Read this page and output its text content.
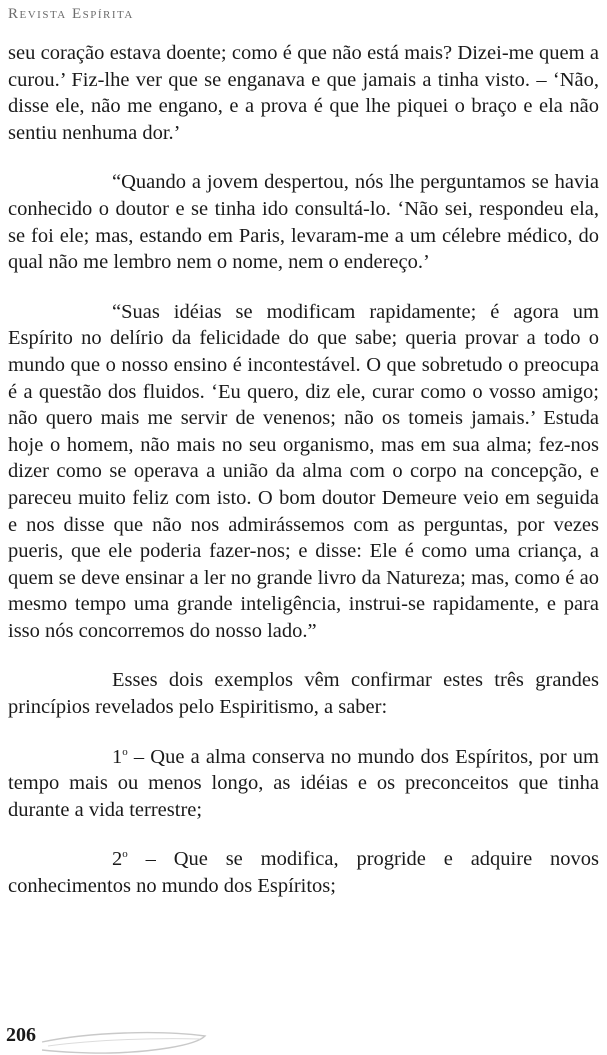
Revista Espírita

seu coração estava doente; como é que não está mais? Dizei-me quem a curou.’ Fiz-lhe ver que se enganava e que jamais a tinha visto. – ‘Não, disse ele, não me engano, e a prova é que lhe piquei o braço e ela não sentiu nenhuma dor.’

“Quando a jovem despertou, nós lhe perguntamos se havia conhecido o doutor e se tinha ido consultá-lo. ‘Não sei, respondeu ela, se foi ele; mas, estando em Paris, levaram-me a um célebre médico, do qual não me lembro nem o nome, nem o endereço.’

“Suas idéias se modificam rapidamente; é agora um Espírito no delírio da felicidade do que sabe; queria provar a todo o mundo que o nosso ensino é incontestável. O que sobretudo o preocupa é a questão dos fluidos. ‘Eu quero, diz ele, curar como o vosso amigo; não quero mais me servir de venenos; não os tomeis jamais.’ Estuda hoje o homem, não mais no seu organismo, mas em sua alma; fez-nos dizer como se operava a união da alma com o corpo na concepção, e pareceu muito feliz com isto. O bom doutor Demeure veio em seguida e nos disse que não nos admirássemos com as perguntas, por vezes pueris, que ele poderia fazer-nos; e disse: Ele é como uma criança, a quem se deve ensinar a ler no grande livro da Natureza; mas, como é ao mesmo tempo uma grande inteligência, instrui-se rapidamente, e para isso nós concorremos do nosso lado.”

Esses dois exemplos vêm confirmar estes três grandes princípios revelados pelo Espiritismo, a saber:

1$^o$ – Que a alma conserva no mundo dos Espíritos, por um tempo mais ou menos longo, as idéias e os preconceitos que tinha durante a vida terrestre;

2$^o$ – Que se modifica, progride e adquire novos conhecimentos no mundo dos Espíritos;

206
